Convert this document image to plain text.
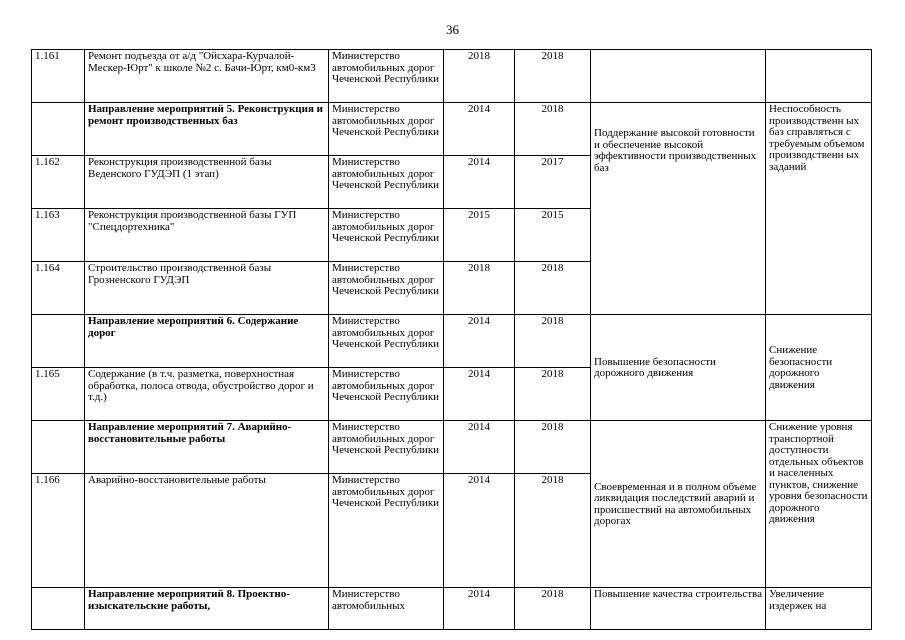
36
1.161	Ремонт подъезда от а/д "Ойсхара-Курчалой-Мескер-Юрт" к школе №2 с. Бачи-Юрт, км0-км3	Министерство автомобильных дорог Чеченской Республики	2018	2018		
	Направление мероприятий 5. Реконструкция и ремонт производственных баз	Министерство автомобильных дорог Чеченской Республики	2014	2018	Поддержание высокой готовности и обеспечение высокой эффективности производственных баз	Неспособность производственн ых баз справляться с требуемым объемом производственн ых заданий
1.162	Реконструкция производственной базы Веденского ГУДЭП (1 этап)	Министерство автомобильных дорог Чеченской Республики	2014	2017		
1.163	Реконструкция производственной базы ГУП "Спецдортехника"	Министерство автомобильных дорог Чеченской Республики	2015	2015		
1.164	Строительство производственной базы Грозненского ГУДЭП	Министерство автомобильных дорог Чеченской Республики	2018	2018		
	Направление мероприятий 6. Содержание дорог	Министерство автомобильных дорог Чеченской Республики	2014	2018	Повышение безопасности дорожного движения	Снижение безопасности дорожного движения
1.165	Содержание (в т.ч. разметка, поверхностная обработка, полоса отвода, обустройство дорог и т.д.)	Министерство автомобильных дорог Чеченской Республики	2014	2018		
	Направление мероприятий 7. Аварийно-восстановительные работы	Министерство автомобильных дорог Чеченской Республики	2014	2018	Своевременная и в полном объеме ликвидация последствий аварий и происшествий на автомобильных дорогах	Снижение уровня транспортной доступности отдельных объектов и населенных пунктов, снижение уровня безопасности дорожного движения
1.166	Аварийно-восстановительные работы	Министерство автомобильных дорог Чеченской Республики	2014	2018		
	Направление мероприятий 8. Проектно-изыскательские работы,	Министерство автомобильных	2014	2018	Повышение качества строительства	Увеличение издержек на
